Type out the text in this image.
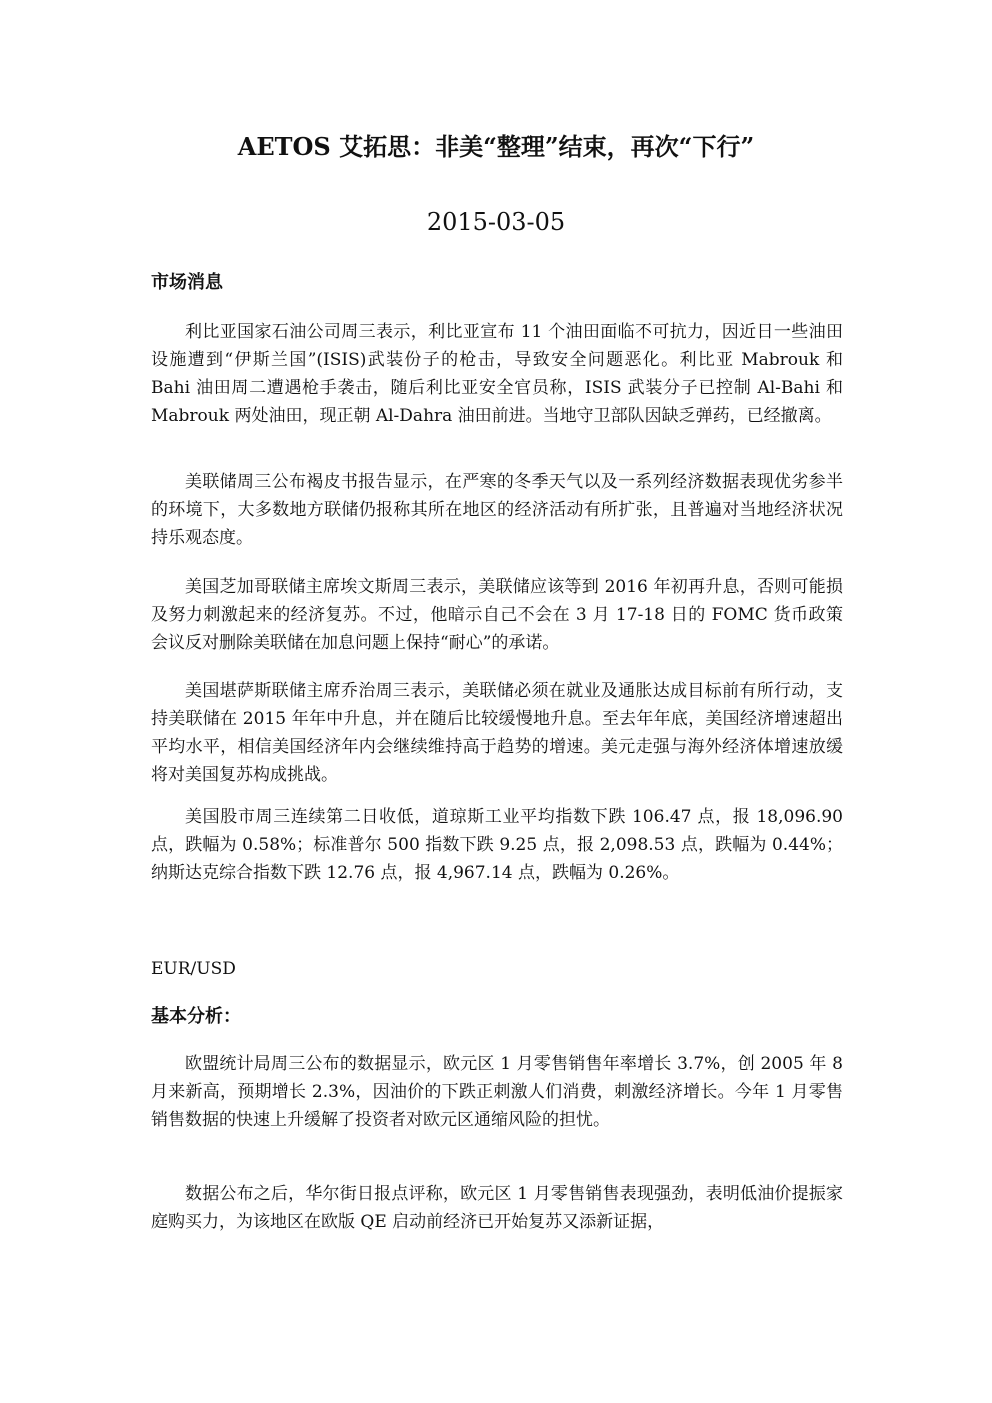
AETOS 艾拓思：非美“整理”结束，再次“下行”
2015-03-05
市场消息

利比亚国家石油公司周三表示，利比亚宣布 11 个油田面临不可抗力，因近日一些油田设施遭到“伊斯兰国”(ISIS)武装份子的枪击，导致安全问题恶化。利比亚 Mabrouk 和 Bahi 油田周二遭遇枪手袭击，随后利比亚安全官员称，ISIS 武装分子已控制 Al-Bahi 和 Mabrouk 两处油田，现正朝 Al-Dahra 油田前进。当地守卫部队因缺乏弹药，已经撤离。

美联储周三公布褐皮书报告显示，在严寒的冬季天气以及一系列经济数据表现优劣参半的环境下，大多数地方联储仍报称其所在地区的经济活动有所扩张，且普遍对当地经济状况持乐观态度。

美国芝加哥联储主席埃文斯周三表示，美联储应该等到 2016 年初再升息，否则可能损及努力刺激起来的经济复苏。不过，他暗示自己不会在 3 月 17-18 日的 FOMC 货币政策会议反对删除美联储在加息问题上保持“耐心”的承诺。

美国堪萨斯联储主席乔治周三表示，美联储必须在就业及通胀达成目标前有所行动，支持美联储在 2015 年年中升息，并在随后比较缓慢地升息。至去年年底，美国经济增速超出平均水平，相信美国经济年内会继续维持高于趋势的增速。美元走强与海外经济体增速放缓将对美国复苏构成挑战。

美国股市周三连续第二日收低，道琼斯工业平均指数下跌 106.47 点，报 18,096.90 点，跌幅为 0.58%；标准普尔 500 指数下跌 9.25 点，报 2,098.53 点，跌幅为 0.44%；纳斯达克综合指数下跌 12.76 点，报 4,967.14 点，跌幅为 0.26%。

EUR/USD
基本分析：

欧盟统计局周三公布的数据显示，欧元区 1 月零售销售年率增长 3.7%，创 2005 年 8 月来新高，预期增长 2.3%，因油价的下跌正刺激人们消费，刺激经济增长。今年 1 月零售销售数据的快速上升缓解了投资者对欧元区通缩风险的担忧。

数据公布之后，华尔街日报点评称，欧元区 1 月零售销售表现强劲，表明低油价提振家庭购买力，为该地区在欧版 QE 启动前经济已开始复苏又添新证据，
